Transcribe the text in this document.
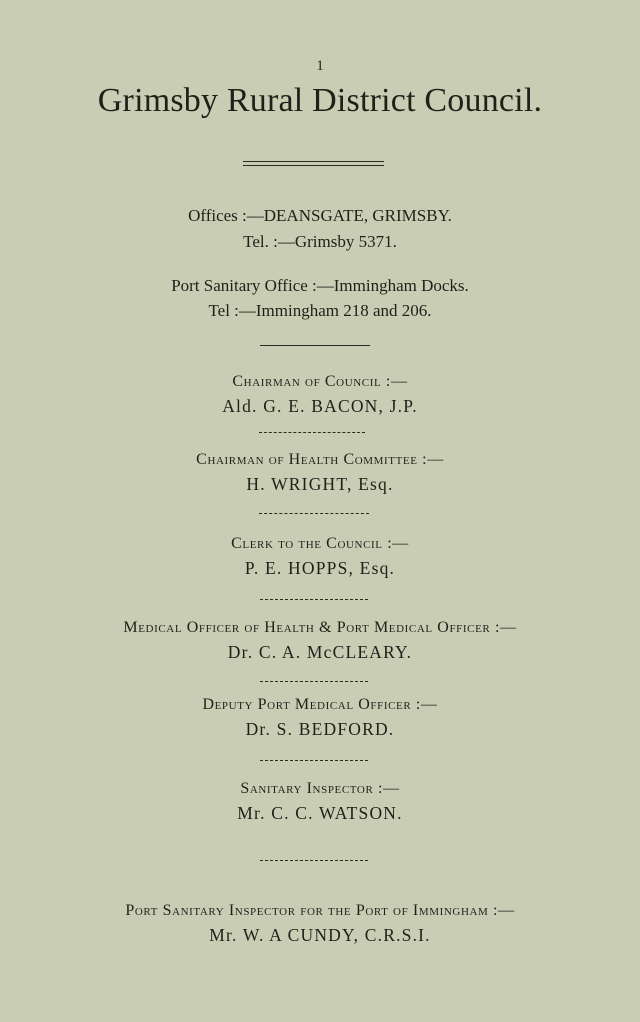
1
Grimsby Rural District Council.
Offices :—DEANSGATE, GRIMSBY.
Tel. :—Grimsby 5371.
Port Sanitary Office :—Immingham Docks.
Tel :—Immingham 218 and 206.
Chairman of Council :—
Ald. G. E. BACON, J.P.
Chairman of Health Committee :—
H. WRIGHT, Esq.
Clerk to the Council :—
P. E. HOPPS, Esq.
Medical Officer of Health & Port Medical Officer :—
Dr. C. A. McCLEARY.
Deputy Port Medical Officer :—
Dr. S. BEDFORD.
Sanitary Inspector :—
Mr. C. C. WATSON.
Port Sanitary Inspector for the Port of Immingham :—
Mr. W. A CUNDY, C.R.S.I.
